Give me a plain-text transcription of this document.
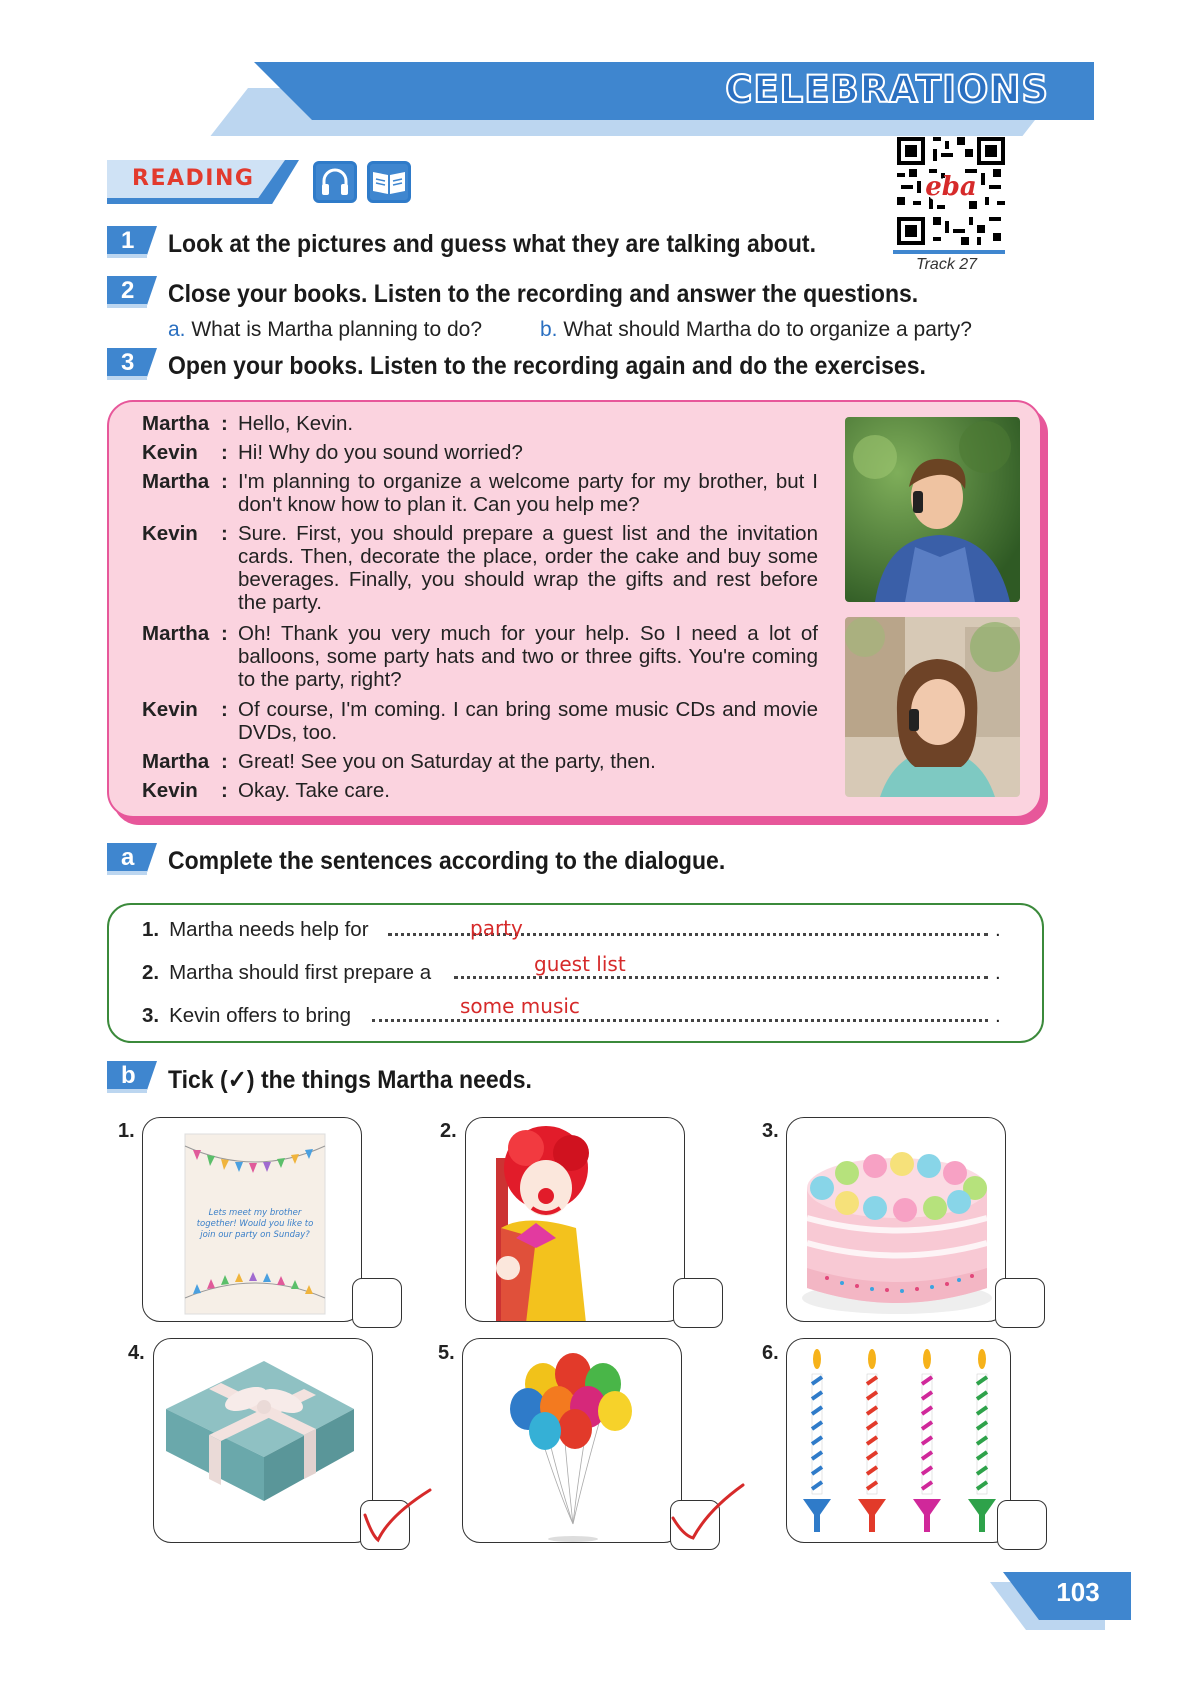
CELEBRATIONS
READING	eba
Track 27
1 Look at the pictures and guess what they are talking about.
2 Close your books. Listen to the recording and answer the questions.
a. What is Martha planning to do?	b. What should Martha do to organize a party?
3 Open your books. Listen to the recording again and do the exercises.
Martha : Hello, Kevin.
Kevin	: Hi! Why do you sound worried?
Martha : I'm planning to organize a welcome party for my brother, but I don't know how to plan it. Can you help me?
Kevin	: Sure. First, you should prepare a guest list and the invitation cards. Then, decorate the place, order the cake and buy some beverages. Finally, you should wrap the gifts and rest before the party.
Martha : Oh! Thank you very much for your help. So I need a lot of balloons, some party hats and two or three gifts. You're coming to the party, right?
Kevin	: Of course, I'm coming. I can bring some music CDs and movie DVDs, too.
Martha : Great! See you on Saturday at the party, then.
Kevin	: Okay. Take care.
a Complete the sentences according to the dialogue.
1. Martha needs help for	.
party
2. Martha should first prepare a	.
guest list
3. Kevin offers to bring	.
some music
b Tick (✓) the things Martha needs.
1.
Lets meet my brother together! Would you like to join our party on Sunday?
2.	3.
4.	5.	6.
103
